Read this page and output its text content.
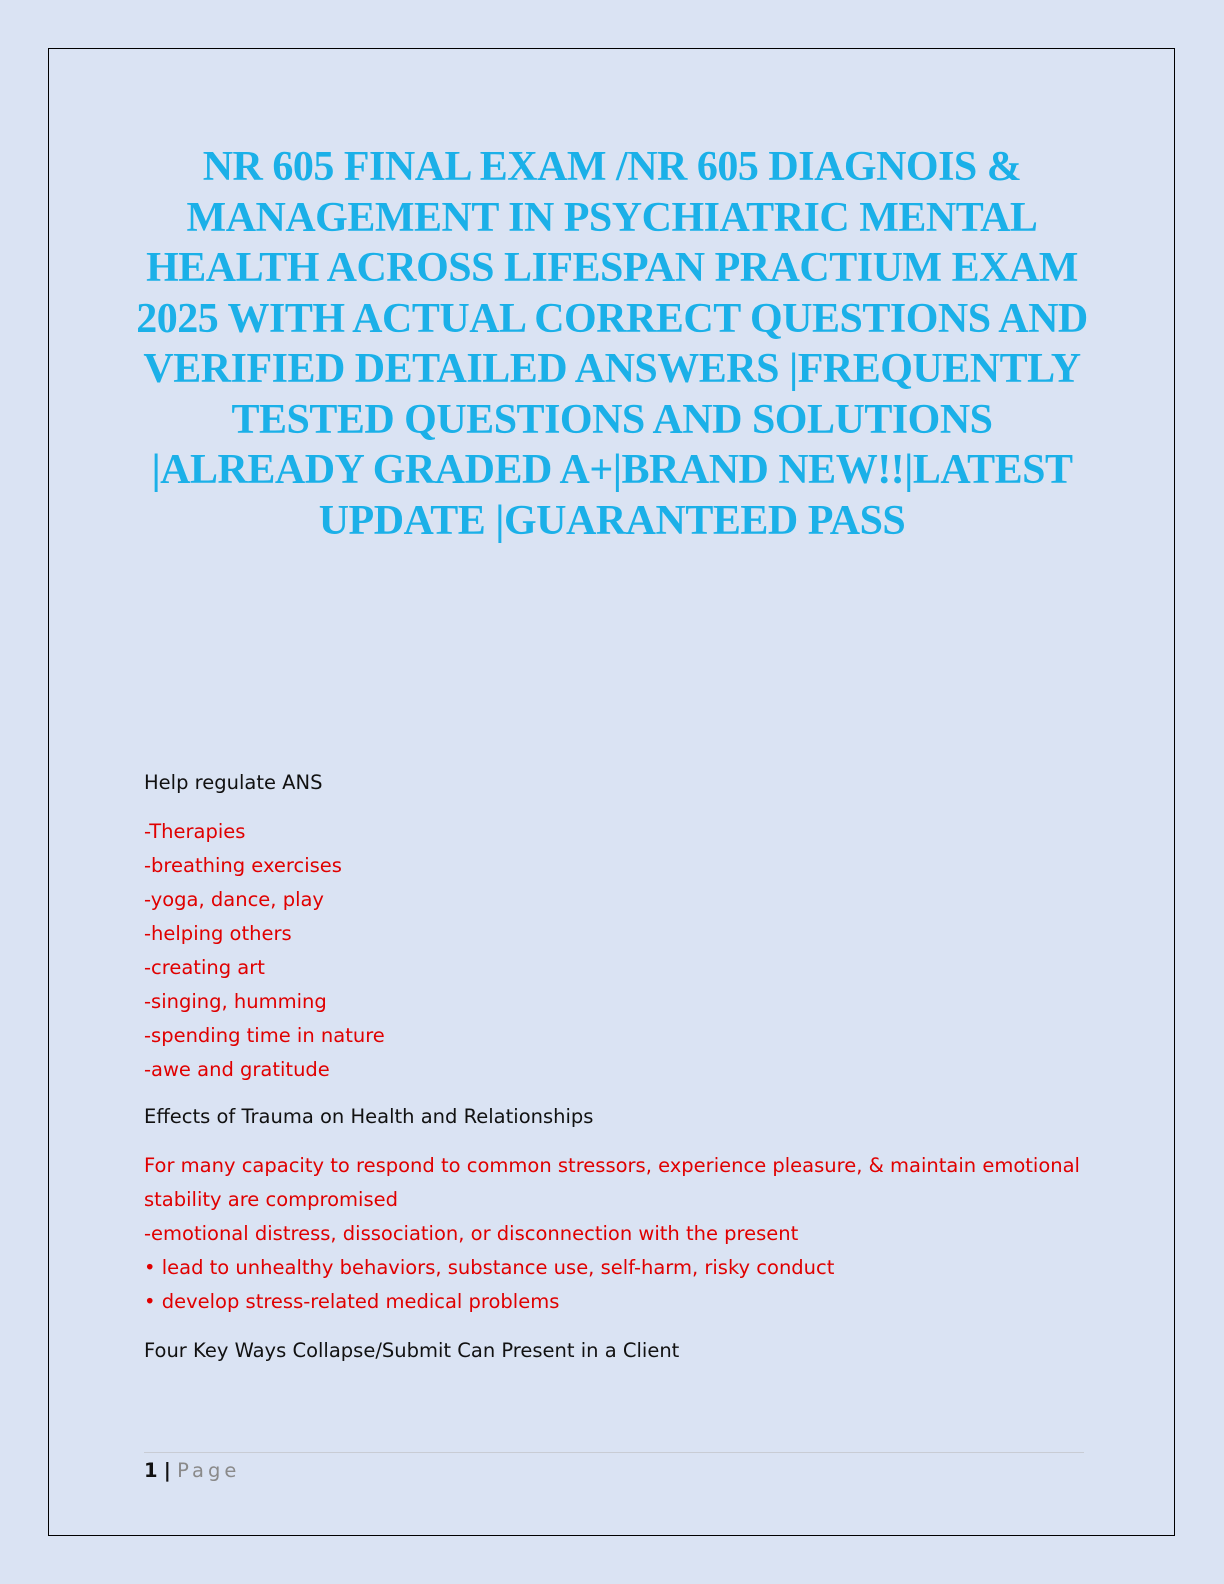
NR 605 FINAL EXAM /NR 605 DIAGNOIS & MANAGEMENT IN PSYCHIATRIC MENTAL HEALTH ACROSS LIFESPAN PRACTIUM EXAM 2025 WITH ACTUAL CORRECT QUESTIONS AND VERIFIED DETAILED ANSWERS |FREQUENTLY TESTED QUESTIONS AND SOLUTIONS |ALREADY GRADED A+|BRAND NEW!!|LATEST UPDATE |GUARANTEED PASS

Help regulate ANS

-Therapies
-breathing exercises
-yoga, dance, play
-helping others
-creating art
-singing, humming
-spending time in nature
-awe and gratitude

Effects of Trauma on Health and Relationships

For many capacity to respond to common stressors, experience pleasure, & maintain emotional stability are compromised
-emotional distress, dissociation, or disconnection with the present
• lead to unhealthy behaviors, substance use, self-harm, risky conduct
• develop stress-related medical problems

Four Key Ways Collapse/Submit Can Present in a Client

1 | Page
